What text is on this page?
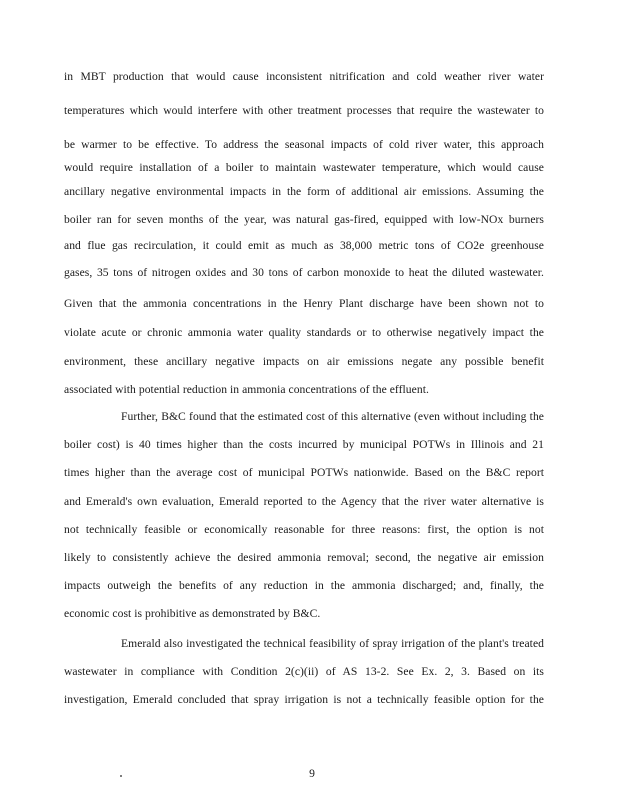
in MBT production that would cause inconsistent nitrification and cold weather river water
temperatures which would interfere with other treatment processes that require the wastewater to
be warmer to be effective. To address the seasonal impacts of cold river water, this approach
would require installation of a boiler to maintain wastewater temperature, which would cause
ancillary negative environmental impacts in the form of additional air emissions. Assuming the
boiler ran for seven months of the year, was natural gas-fired, equipped with low-NOx burners
and flue gas recirculation, it could emit as much as 38,000 metric tons of CO2e greenhouse
gases, 35 tons of nitrogen oxides and 30 tons of carbon monoxide to heat the diluted wastewater.
Given that the ammonia concentrations in the Henry Plant discharge have been shown not to
violate acute or chronic ammonia water quality standards or to otherwise negatively impact the
environment, these ancillary negative impacts on air emissions negate any possible benefit
associated with potential reduction in ammonia concentrations of the effluent.
Further, B&C found that the estimated cost of this alternative (even without including the
boiler cost) is 40 times higher than the costs incurred by municipal POTWs in Illinois and 21
times higher than the average cost of municipal POTWs nationwide. Based on the B&C report
and Emerald's own evaluation, Emerald reported to the Agency that the river water alternative is
not technically feasible or economically reasonable for three reasons: first, the option is not
likely to consistently achieve the desired ammonia removal; second, the negative air emission
impacts outweigh the benefits of any reduction in the ammonia discharged; and, finally, the
economic cost is prohibitive as demonstrated by B&C.
Emerald also investigated the technical feasibility of spray irrigation of the plant's treated
wastewater in compliance with Condition 2(c)(ii) of AS 13-2. See Ex. 2, 3. Based on its
investigation, Emerald concluded that spray irrigation is not a technically feasible option for the
9
